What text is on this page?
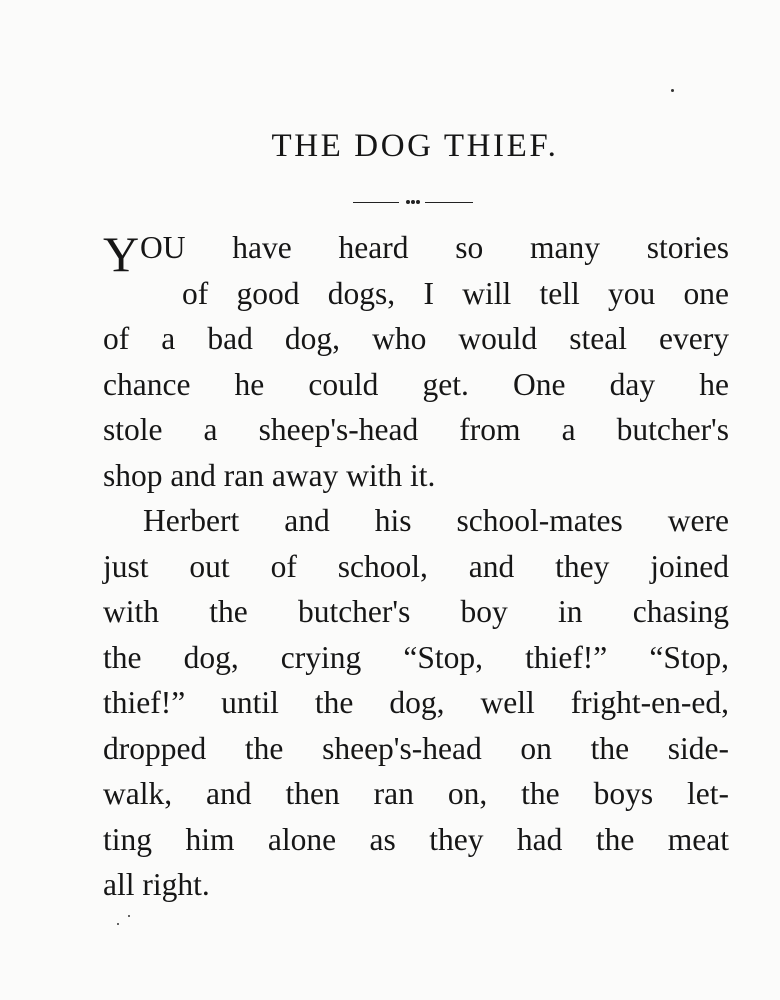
THE DOG THIEF.
Y OU have heard so many stories
of good dogs, I will tell you one
of a bad dog, who would steal every
chance he could get. One day he
stole a sheep's-head from a butcher's
shop and ran away with it.
Herbert and his school-mates were
just out of school, and they joined
with the butcher's boy in chasing
the dog, crying “Stop, thief!” “Stop,
thief!” until the dog, well fright-en-ed,
dropped the sheep's-head on the side-
walk, and then ran on, the boys let-
ting him alone as they had the meat
all right.
